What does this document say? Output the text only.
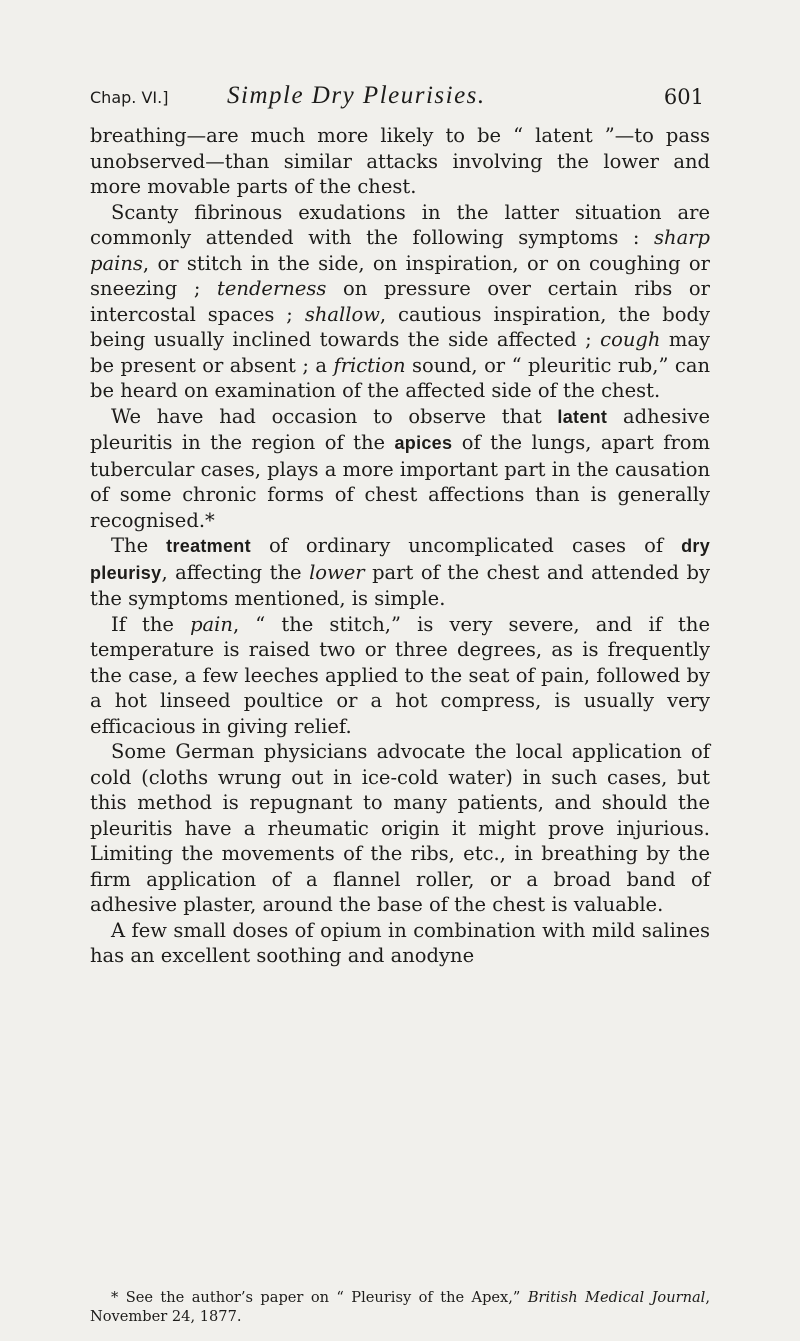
Chap. VI.] Simple Dry Pleurisies.	601

breathing—are much more likely to be “ latent ”—to pass unobserved—than similar attacks involving the lower and more movable parts of the chest.

Scanty fibrinous exudations in the latter situation are commonly attended with the following symptoms : sharp pains, or stitch in the side, on inspiration, or on coughing or sneezing ; tenderness on pressure over certain ribs or intercostal spaces ; shallow, cautious inspiration, the body being usually inclined towards the side affected ; cough may be present or absent ; a friction sound, or “ pleuritic rub,” can be heard on examination of the affected side of the chest.

We have had occasion to observe that latent adhesive pleuritis in the region of the apices of the lungs, apart from tubercular cases, plays a more important part in the causation of some chronic forms of chest affections than is generally recognised.*

The treatment of ordinary uncomplicated cases of dry pleurisy, affecting the lower part of the chest and attended by the symptoms mentioned, is simple.

If the pain, “ the stitch,” is very severe, and if the temperature is raised two or three degrees, as is frequently the case, a few leeches applied to the seat of pain, followed by a hot linseed poultice or a hot compress, is usually very efficacious in giving relief.

Some German physicians advocate the local application of cold (cloths wrung out in ice-cold water) in such cases, but this method is repugnant to many patients, and should the pleuritis have a rheumatic origin it might prove injurious. Limiting the movements of the ribs, etc., in breathing by the firm application of a flannel roller, or a broad band of adhesive plaster, around the base of the chest is valuable.

A few small doses of opium in combination with mild salines has an excellent soothing and anodyne

* See the author’s paper on “ Pleurisy of the Apex,” British Medical Journal, November 24, 1877.
